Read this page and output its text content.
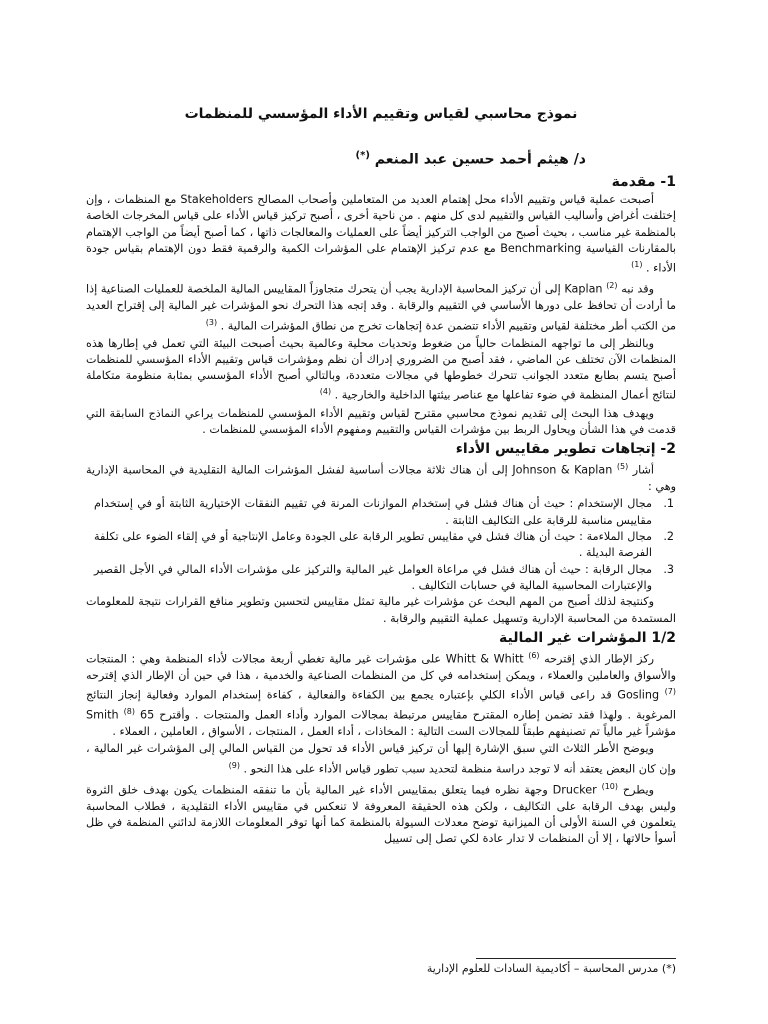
نموذج محاسبي لقياس وتقييم الأداء المؤسسي للمنظمات
د/ هيثم أحمد حسين عبد المنعم (*)
1- مقدمة

أصبحت عملية قياس وتقييم الأداء محل إهتمام العديد من المتعاملين وأصحاب المصالح Stakeholders مع المنظمات ، وإن إختلفت أغراض وأساليب القياس والتقييم لدى كل منهم . من ناحية أخرى ، أصبح تركيز قياس الأداء على قياس المخرجات الخاصة بالمنظمة غير مناسب ، بحيث أصبح من الواجب التركيز أيضاً على العمليات والمعالجات ذاتها ، كما أصبح أيضاً من الواجب الإهتمام بالمقارنات القياسية Benchmarking مع عدم تركيز الإهتمام على المؤشرات الكمية والرقمية فقط دون الإهتمام بقياس جودة الأداء . $^{(1)}$

وقد نبه Kaplan $^{(2)}$ إلى أن تركيز المحاسبة الإدارية يجب أن يتحرك متجاوزاً المقاييس المالية الملخصة للعمليات الصناعية إذا ما أرادت أن تحافظ على دورها الأساسي في التقييم والرقابة . وقد إتجه هذا التحرك نحو المؤشرات غير المالية إلى إقتراح العديد من الكتب أطر مختلفة لقياس وتقييم الأداء تتضمن عدة إتجاهات تخرج من نطاق المؤشرات المالية . $^{(3)}$

وبالنظر إلى ما تواجهه المنظمات حالياً من ضغوط وتحديات محلية وعالمية بحيث أصبحت البيئة التي تعمل في إطارها هذه المنظمات الآن تختلف عن الماضي ، فقد أصبح من الضروري إدراك أن نظم ومؤشرات قياس وتقييم الأداء المؤسسي للمنظمات أصبح يتسم بطابع متعدد الجوانب تتحرك خطوطها في مجالات متعددة، وبالتالي أصبح الأداء المؤسسي بمثابة منظومة متكاملة لنتائج أعمال المنظمة في ضوء تفاعلها مع عناصر بيئتها الداخلية والخارجية . $^{(4)}$

ويهدف هذا البحث إلى تقديم نموذج محاسبي مقترح لقياس وتقييم الأداء المؤسسي للمنظمات يراعي النماذج السابقة التي قدمت في هذا الشأن ويحاول الربط بين مؤشرات القياس والتقييم ومفهوم الأداء المؤسسي للمنظمات .

2- إتجاهات تطوير مقاييس الأداء

أشار Johnson & Kaplan $^{(5)}$ إلى أن هناك ثلاثة مجالات أساسية لفشل المؤشرات المالية التقليدية في المحاسبة الإدارية وهي :

1.
مجال الإستخدام : حيث أن هناك فشل في إستخدام الموازنات المرنة في تقييم النفقات الإختيارية الثابتة أو في إستخدام مقاييس مناسبة للرقابة على التكاليف الثابتة .
2.
مجال الملاءمة : حيث أن هناك فشل في مقاييس تطوير الرقابة على الجودة وعامل الإنتاجية أو في إلقاء الضوء على تكلفة الفرصة البديلة .
3.
مجال الرقابة : حيث أن هناك فشل في مراعاة العوامل غير المالية والتركيز على مؤشرات الأداء المالي في الأجل القصير والإعتبارات المحاسبية المالية في حسابات التكاليف .

وكنتيجة لذلك أصبح من المهم البحث عن مؤشرات غير مالية تمثل مقاييس لتحسين وتطوير منافع القرارات نتيجة للمعلومات المستمدة من المحاسبة الإدارية وتسهيل عملية التقييم والرقابة .

1/2 المؤشرات غير المالية

ركز الإطار الذي إقترحه Whitt & Whitt $^{(6)}$ على مؤشرات غير مالية تغطي أربعة مجالات لأداء المنظمة وهي : المنتجات والأسواق والعاملين والعملاء ، ويمكن إستخدامه في كل من المنظمات الصناعية والخدمية ، هذا في حين أن الإطار الذي إقترحه Gosling $^{(7)}$ قد راعى قياس الأداء الكلي بإعتباره يجمع بين الكفاءة والفعالية ، كفاءة إستخدام الموارد وفعالية إنجاز النتائج المرغوبة . ولهذا فقد تضمن إطاره المقترح مقاييس مرتبطة بمجالات الموارد وأداء العمل والمنتجات . وأقترح Smith $^{(8)}$ 65 مؤشراً غير مالياً تم تصنيفهم طبقاً للمجالات الست التالية : المخاذات ، أداء العمل ، المنتجات ، الأسواق ، العاملين ، العملاء .

ويوضح الأطر الثلاث التي سبق الإشارة إليها أن تركيز قياس الأداء قد تحول من القياس المالي إلى المؤشرات غير المالية ، وإن كان البعض يعتقد أنه لا توجد دراسة منظمة لتحديد سبب تطور قياس الأداء على هذا النحو . $^{(9)}$

ويطرح Drucker $^{(10)}$ وجهة نظره فيما يتعلق بمقاييس الأداء غير المالية بأن ما تنفقه المنظمات يكون بهدف خلق الثروة وليس بهدف الرقابة على التكاليف ، ولكن هذه الحقيقة المعروفة لا تنعكس في مقاييس الأداء التقليدية ، فطلاب المحاسبة يتعلمون في السنة الأولى أن الميزانية توضح معدلات السيولة بالمنظمة كما أنها توفر المعلومات اللازمة لدائني المنظمة في ظل أسوأ حالاتها ، إلا أن المنظمات لا تدار عادة لكي تصل إلى تسييل

(*) مدرس المحاسبة – أكاديمية السادات للعلوم الإدارية
